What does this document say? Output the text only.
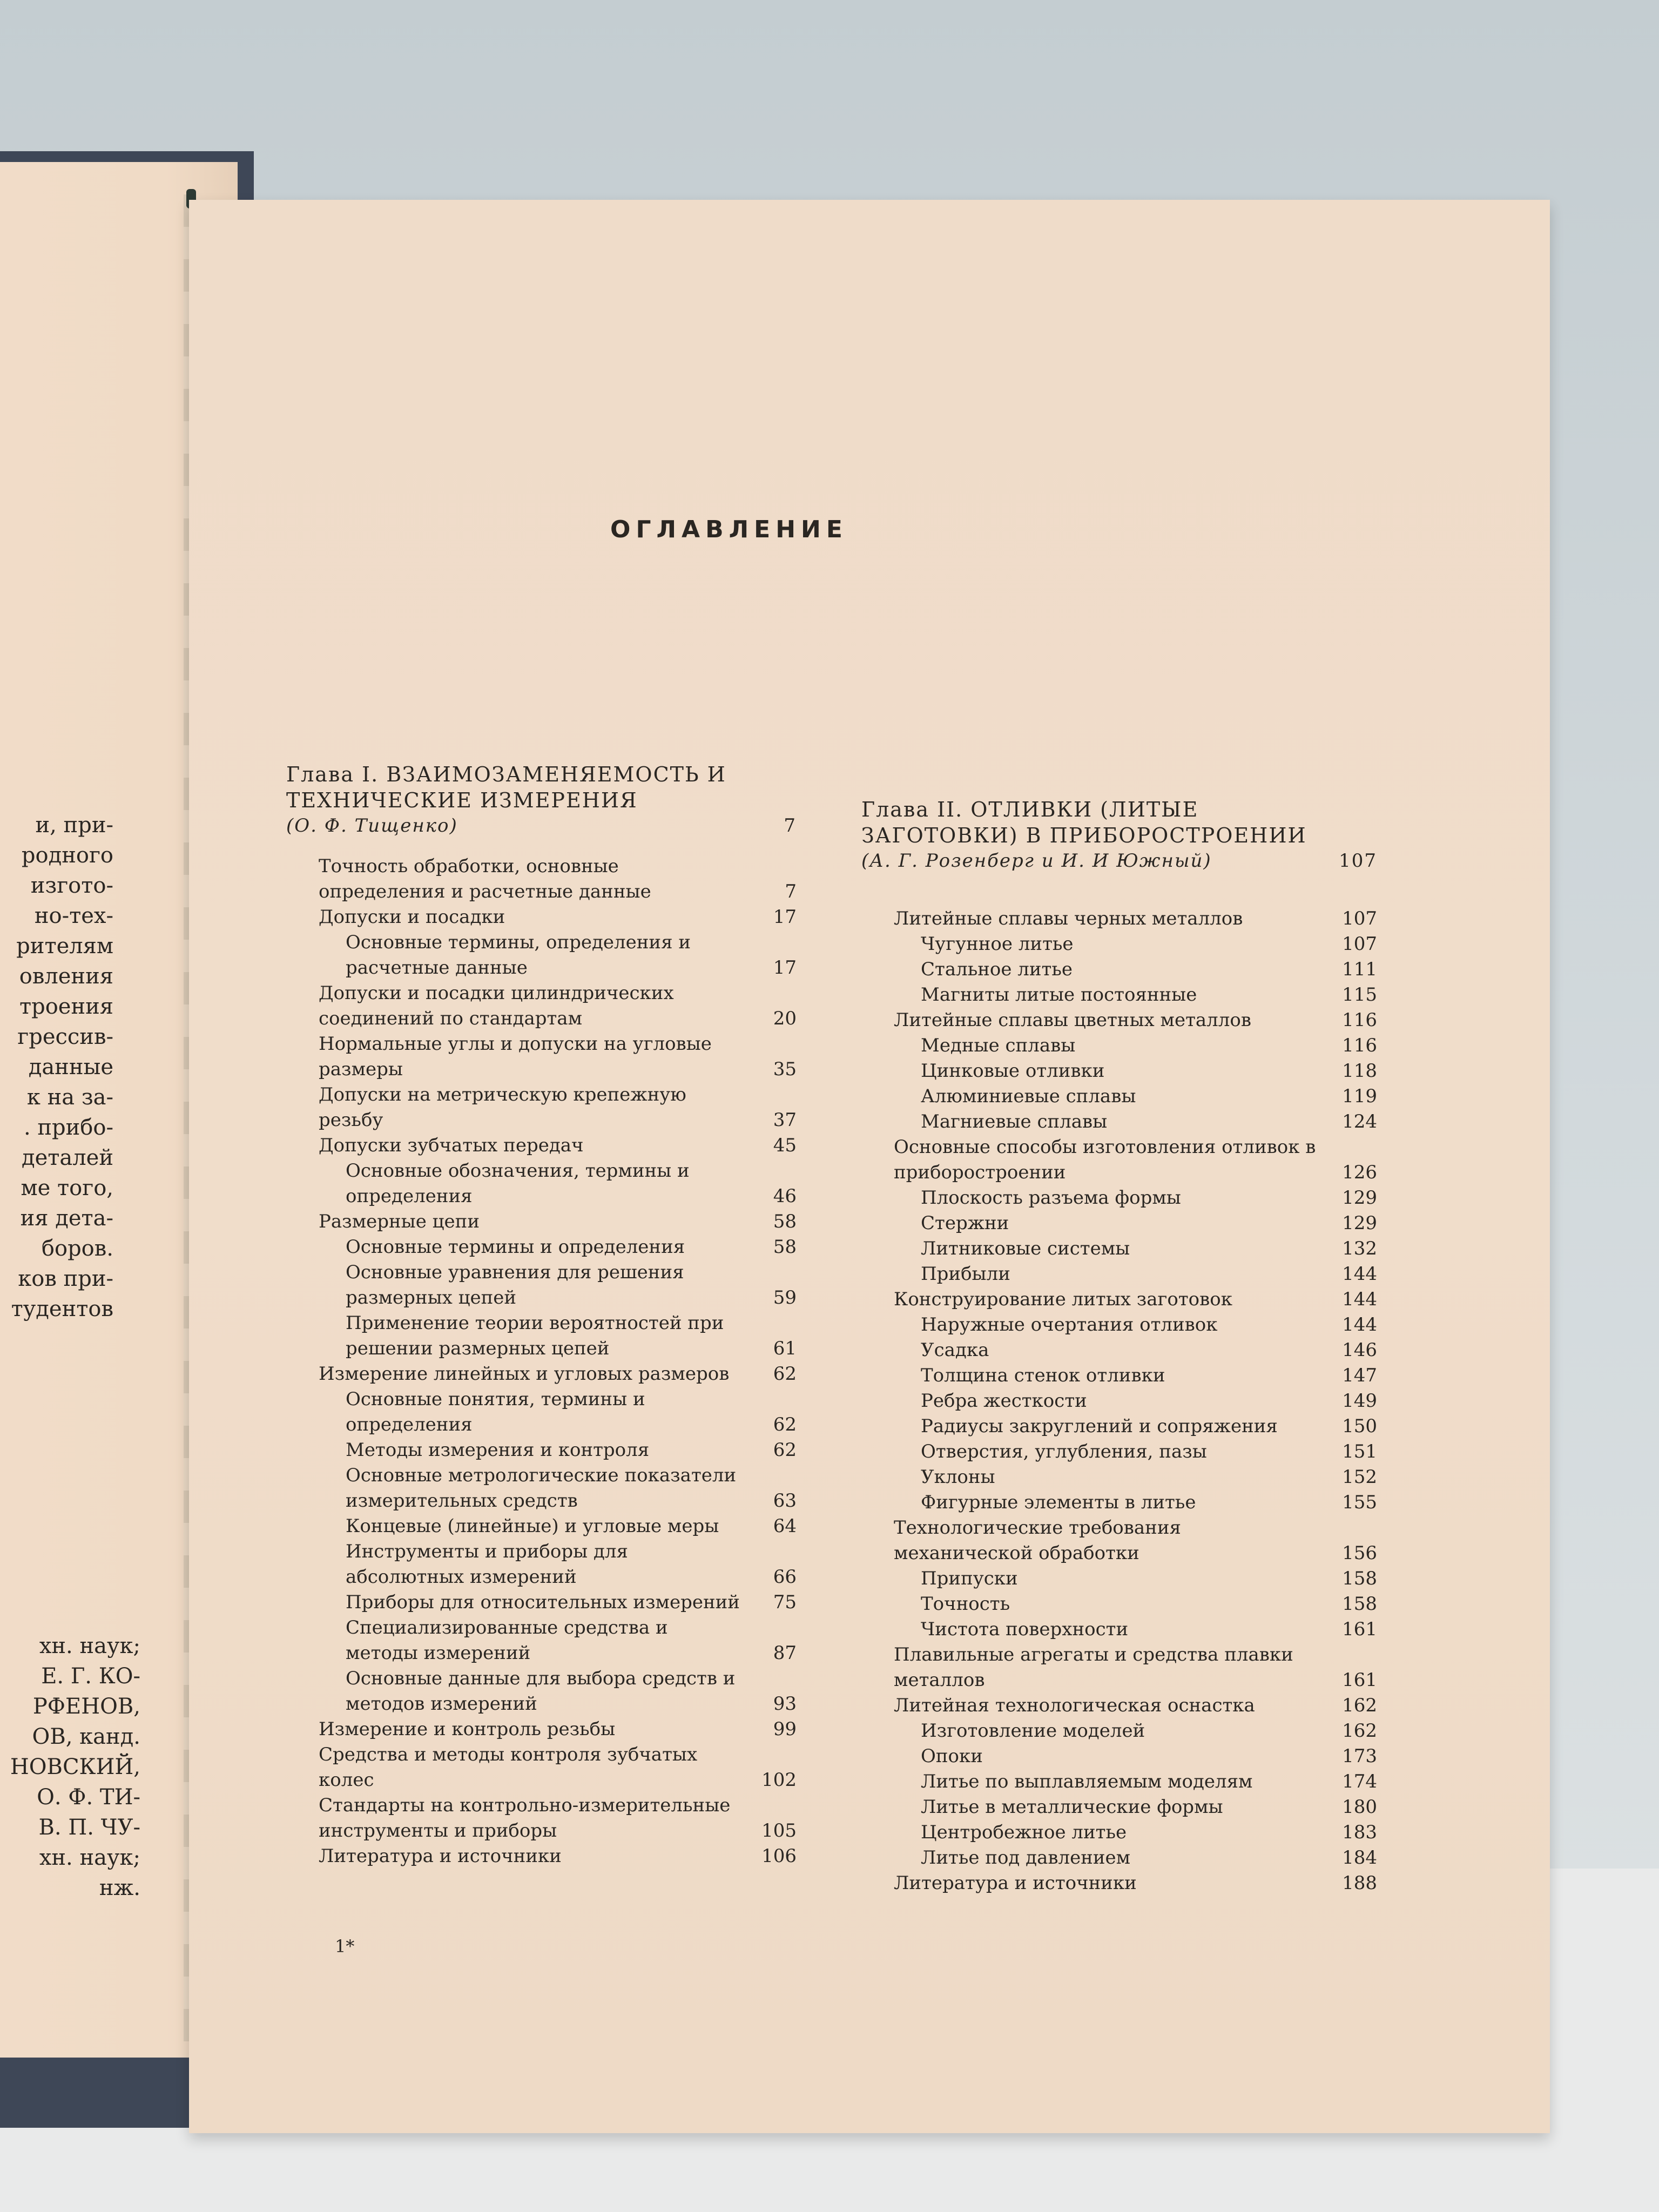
и, при-
родного
изгото-
но-тех-
рителям
овления
троения
грессив-
данные
к на за-
. прибо-
деталей
ме того,
ия дета-
боров.
ков при-
тудентов
хн. наук;
Е. Г. КО-
РФЕНОВ,
ОВ, канд.
НОВСКИЙ,
О. Ф. ТИ-
В. П. ЧУ-
хн. наук;
нж.
ОГЛАВЛЕНИЕ
Глава I. ВЗАИМОЗАМЕНЯЕМОСТЬ И ТЕХНИЧЕСКИЕ ИЗМЕРЕНИЯ
(О. Ф. Тищенко)	7
Точность обработки, основные определения и расчетные данные	7
Допуски и посадки	17
Основные термины, определения и расчетные данные	17
Допуски и посадки цилиндрических соединений по стандартам	20
Нормальные углы и допуски на угловые размеры	35
Допуски на метрическую крепежную резьбу	37
Допуски зубчатых передач	45
Основные обозначения, термины и определения	46
Размерные цепи	58
Основные термины и определения	58
Основные уравнения для решения размерных цепей	59
Применение теории вероятностей при решении размерных цепей	61
Измерение линейных и угловых размеров 62
Основные понятия, термины и определения	62
Методы измерения и контроля	62
Основные метрологические показатели измерительных средств	63
Концевые (линейные) и угловые меры	64
Инструменты и приборы для абсолютных измерений	66
Приборы для относительных измерений 75
Специализированные средства и методы измерений	87
Основные данные для выбора средств и методов измерений	93
Измерение и контроль резьбы	99
Средства и методы контроля зубчатых колес	102
Стандарты на контрольно-измерительные инструменты и приборы	105
Литература и источники	106
Глава II. ОТЛИВКИ (ЛИТЫЕ ЗАГОТОВКИ) В ПРИБОРОСТРОЕНИИ
(А. Г. Розенберг и И. И Южный)	107
Литейные сплавы черных металлов	107
Чугунное литье	107
Стальное литье	111
Магниты литые постоянные	115
Литейные сплавы цветных металлов	116
Медные сплавы	116
Цинковые отливки	118
Алюминиевые сплавы	119
Магниевые сплавы	124
Основные способы изготовления отливок в приборостроении	126
Плоскость разъема формы	129
Стержни	129
Литниковые системы	132
Прибыли	144
Конструирование литых заготовок	144
Наружные очертания отливок	144
Усадка	146
Толщина стенок отливки	147
Ребра жесткости	149
Радиусы закруглений и сопряжения	150
Отверстия, углубления, пазы	151
Уклоны	152
Фигурные элементы в литье	155
Технологические требования механической обработки	156
Припуски	158
Точность	158
Чистота поверхности	161
Плавильные агрегаты и средства плавки металлов	161
Литейная технологическая оснастка	162
Изготовление моделей	162
Опоки	173
Литье по выплавляемым моделям	174
Литье в металлические формы	180
Центробежное литье	183
Литье под давлением	184
Литература и источники	188
1*
